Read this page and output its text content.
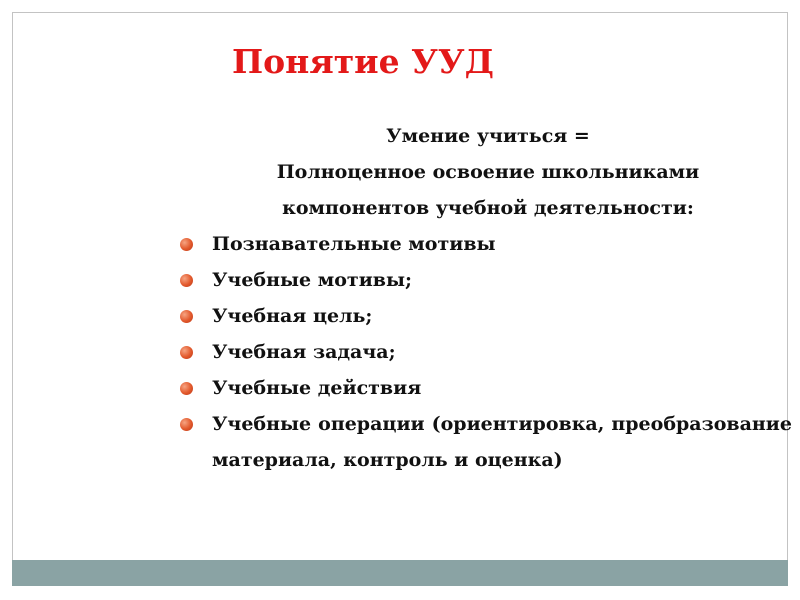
Понятие УУД
Умение учиться =
Полноценное освоение школьниками
компонентов учебной деятельности:
Познавательные мотивы
Учебные мотивы;
Учебная цель;
Учебная задача;
Учебные действия
Учебные операции (ориентировка, преобразование материала, контроль и оценка)
